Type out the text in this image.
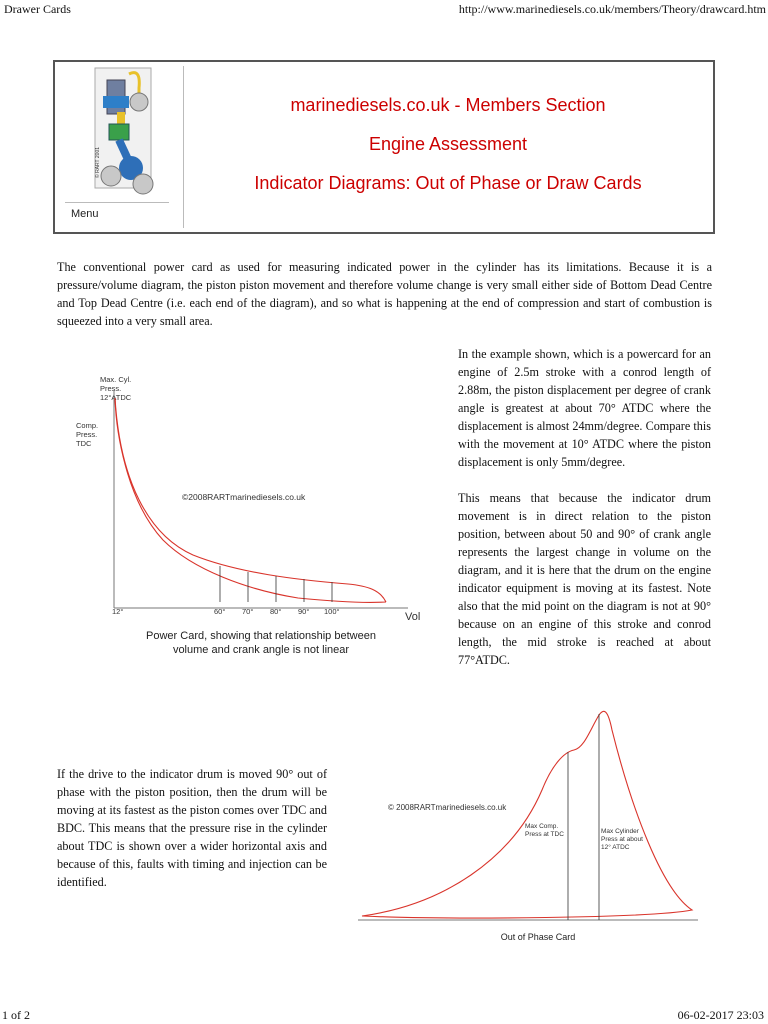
Drawer Cards	http://www.marinediesels.co.uk/members/Theory/drawcard.htm
1 of 2	06-02-2017 23:03
© RART 2001
Menu
marinediesels.co.uk - Members Section
Engine Assessment
Indicator Diagrams: Out of Phase or Draw Cards
The conventional power card as used for measuring indicated power in the cylinder has its limitations. Because it is a pressure/volume diagram, the piston piston movement and therefore volume change is very small either side of Bottom Dead Centre and Top Dead Centre (i.e. each end of the diagram), and so what is happening at the end of compression and start of combustion is squeezed into a very small area.
Max. Cyl.
Press.
12°ATDC
Comp.
Press.
TDC
12°	60° 70° 80° 90° 100°	Vol
©2008RARTmarinediesels.co.uk
Power Card, showing that relationship between
volume and crank angle is not linear

In the example shown, which is a powercard for an engine of 2.5m stroke with a conrod length of 2.88m, the piston displacement per degree of crank angle is greatest at about 70° ATDC where the displacement is almost 24mm/degree. Compare this with the movement at 10° ATDC where the piston displacement is only 5mm/degree.

This means that because the indicator drum movement is in direct relation to the piston position, between about 50 and 90° of crank angle represents the largest change in volume on the diagram, and it is here that the drum on the engine indicator equipment is moving at its fastest. Note also that the mid point on the diagram is not at 90° because on an engine of this stroke and conrod length, the mid stroke is reached at about 77°ATDC.

If the drive to the indicator drum is moved 90° out of phase with the piston position, then the drum will be moving at its fastest as the piston comes over TDC and BDC. This means that the pressure rise in the cylinder about TDC is shown over a wider horizontal axis and because of this, faults with timing and injection can be identified.
Max Comp.
Press at TDC	Max Cylinder
Press at about
12° ATDC
© 2008RARTmarinediesels.co.uk
Out of Phase Card
